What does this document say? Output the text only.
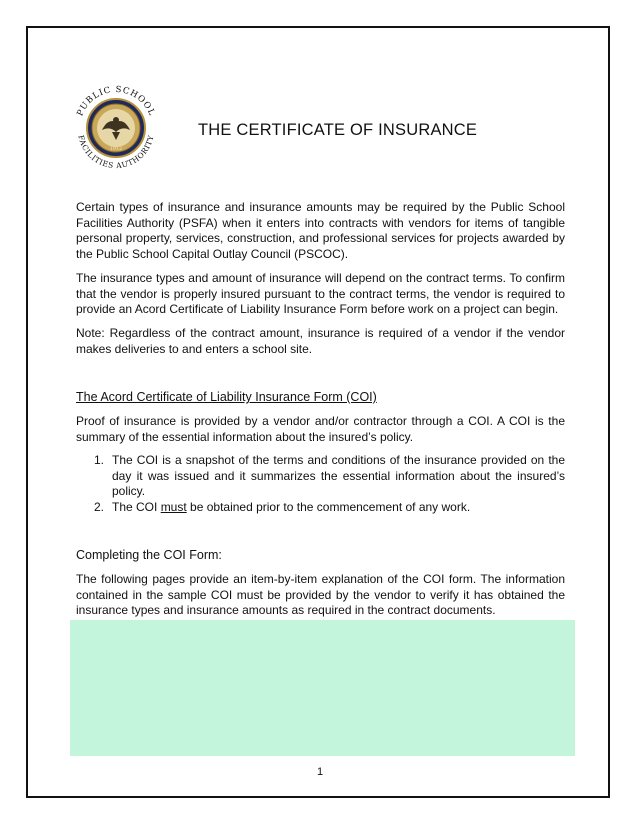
PUBLIC SCHOOL
FACILITIES AUTHORITY
1912
THE CERTIFICATE OF INSURANCE

Certain types of insurance and insurance amounts may be required by the Public School Facilities Authority (PSFA) when it enters into contracts with vendors for items of tangible personal property, services, construction, and professional services for projects awarded by the Public School Capital Outlay Council (PSCOC).

The insurance types and amount of insurance will depend on the contract terms. To confirm that the vendor is properly insured pursuant to the contract terms, the vendor is required to provide an Acord Certificate of Liability Insurance Form before work on a project can begin.

Note: Regardless of the contract amount, insurance is required of a vendor if the vendor makes deliveries to and enters a school site.

The Acord Certificate of Liability Insurance Form (COI)

Proof of insurance is provided by a vendor and/or contractor through a COI. A COI is the summary of the essential information about the insured’s policy.

1. The COI is a snapshot of the terms and conditions of the insurance provided on the day it was issued and it summarizes the essential information about the insured’s policy.
2. The COI must be obtained prior to the commencement of any work.
Completing the COI Form:

The following pages provide an item-by-item explanation of the COI form. The information contained in the sample COI must be provided by the vendor to verify it has obtained the insurance types and insurance amounts as required in the contract documents.

1
